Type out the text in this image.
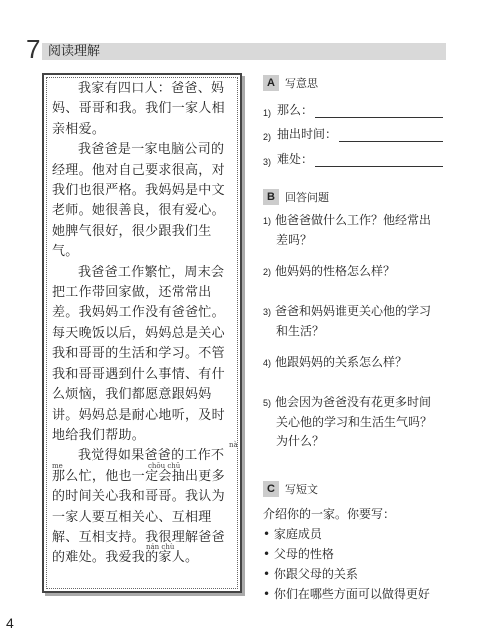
7 阅读理解

我家有四口人：爸爸、妈妈、哥哥和我。我们一家人相亲相爱。

我爸爸是一家电脑公司的经理。他对自己要求很高，对我们也很严格。我妈妈是中文老师。她很善良，很有爱心。她脾气很好，很少跟我们生气。

我爸爸工作繁忙，周末会把工作带回家做，还常常出差。我妈妈工作没有爸爸忙。每天晚饭以后，妈妈总是关心我和哥哥的生活和学习。不管我和哥哥遇到什么事情、有什么烦恼，我们都愿意跟妈妈讲。妈妈总是耐心地听，及时地给我们帮助。

我觉得如果爸爸的工作不那么忙，他也一定会抽出更多的时间关心我和哥哥。我认为一家人要互相关心、互相理解、互相支持。我很理解爸爸的难处。我爱我的家人。

nà
me	chōu chū
nán chù
A 写意思
1) 那么：
2) 抽出时间：
3) 难处：
B 回答问题
1) 他爸爸做什么工作？他经常出
差吗？
2) 他妈妈的性格怎么样？
3) 爸爸和妈妈谁更关心他的学习
和生活？
4) 他跟妈妈的关系怎么样？
5) 他会因为爸爸没有花更多时间
关心他的学习和生活生气吗？
为什么？
C 写短文
介绍你的一家。你要写：
• 家庭成员
• 父母的性格
• 你跟父母的关系
• 你们在哪些方面可以做得更好
4
